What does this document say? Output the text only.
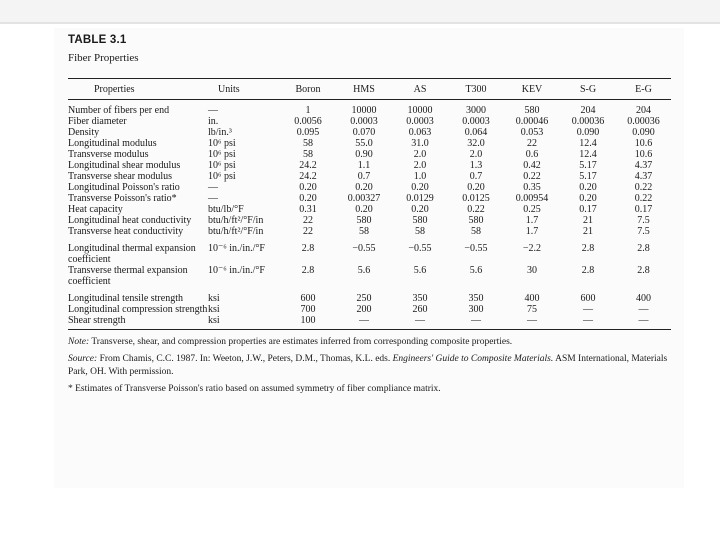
TABLE 3.1
Fiber Properties
Properties	Units	Boron	HMS	AS	T300	KEV	S-G	E-G
Number of fibers per end	—	1	10000	10000	3000	580	204	204
Fiber diameter	in.	0.0056	0.0003	0.0003	0.0003	0.00046	0.00036	0.00036
Density	lb/in.³	0.095	0.070	0.063	0.064	0.053	0.090	0.090
Longitudinal modulus	10⁶ psi	58	55.0	31.0	32.0	22	12.4	10.6
Transverse modulus	10⁶ psi	58	0.90	2.0	2.0	0.6	12.4	10.6
Longitudinal shear modulus	10⁶ psi	24.2	1.1	2.0	1.3	0.42	5.17	4.37
Transverse shear modulus	10⁶ psi	24.2	0.7	1.0	0.7	0.22	5.17	4.37
Longitudinal Poisson's ratio	—	0.20	0.20	0.20	0.20	0.35	0.20	0.22
Transverse Poisson's ratio*	—	0.20	0.00327	0.0129	0.0125	0.00954	0.20	0.22
Heat capacity	btu/lb/°F	0.31	0.20	0.20	0.22	0.25	0.17	0.17
Longitudinal heat conductivity	btu/h/ft²/°F/in	22	580	580	580	1.7	21	7.5
Transverse heat conductivity	btu/h/ft²/°F/in	22	58	58	58	1.7	21	7.5
Longitudinal thermal expansion coefficient	10⁻⁶ in./in./°F	2.8	−0.55	−0.55	−0.55	−2.2	2.8	2.8
Transverse thermal expansion coefficient	10⁻⁶ in./in./°F	2.8	5.6	5.6	5.6	30	2.8	2.8
Longitudinal tensile strength	ksi	600	250	350	350	400	600	400
Longitudinal compression strength	ksi	700	200	260	300	75	—	—
Shear strength	ksi	100	—	—	—	—	—	—

Note: Transverse, shear, and compression properties are estimates inferred from corresponding composite properties.

Source: From Chamis, C.C. 1987. In: Weeton, J.W., Peters, D.M., Thomas, K.L. eds. Engineers' Guide to Composite Materials. ASM International, Materials Park, OH. With permission.

* Estimates of Transverse Poisson's ratio based on assumed symmetry of fiber compliance matrix.
